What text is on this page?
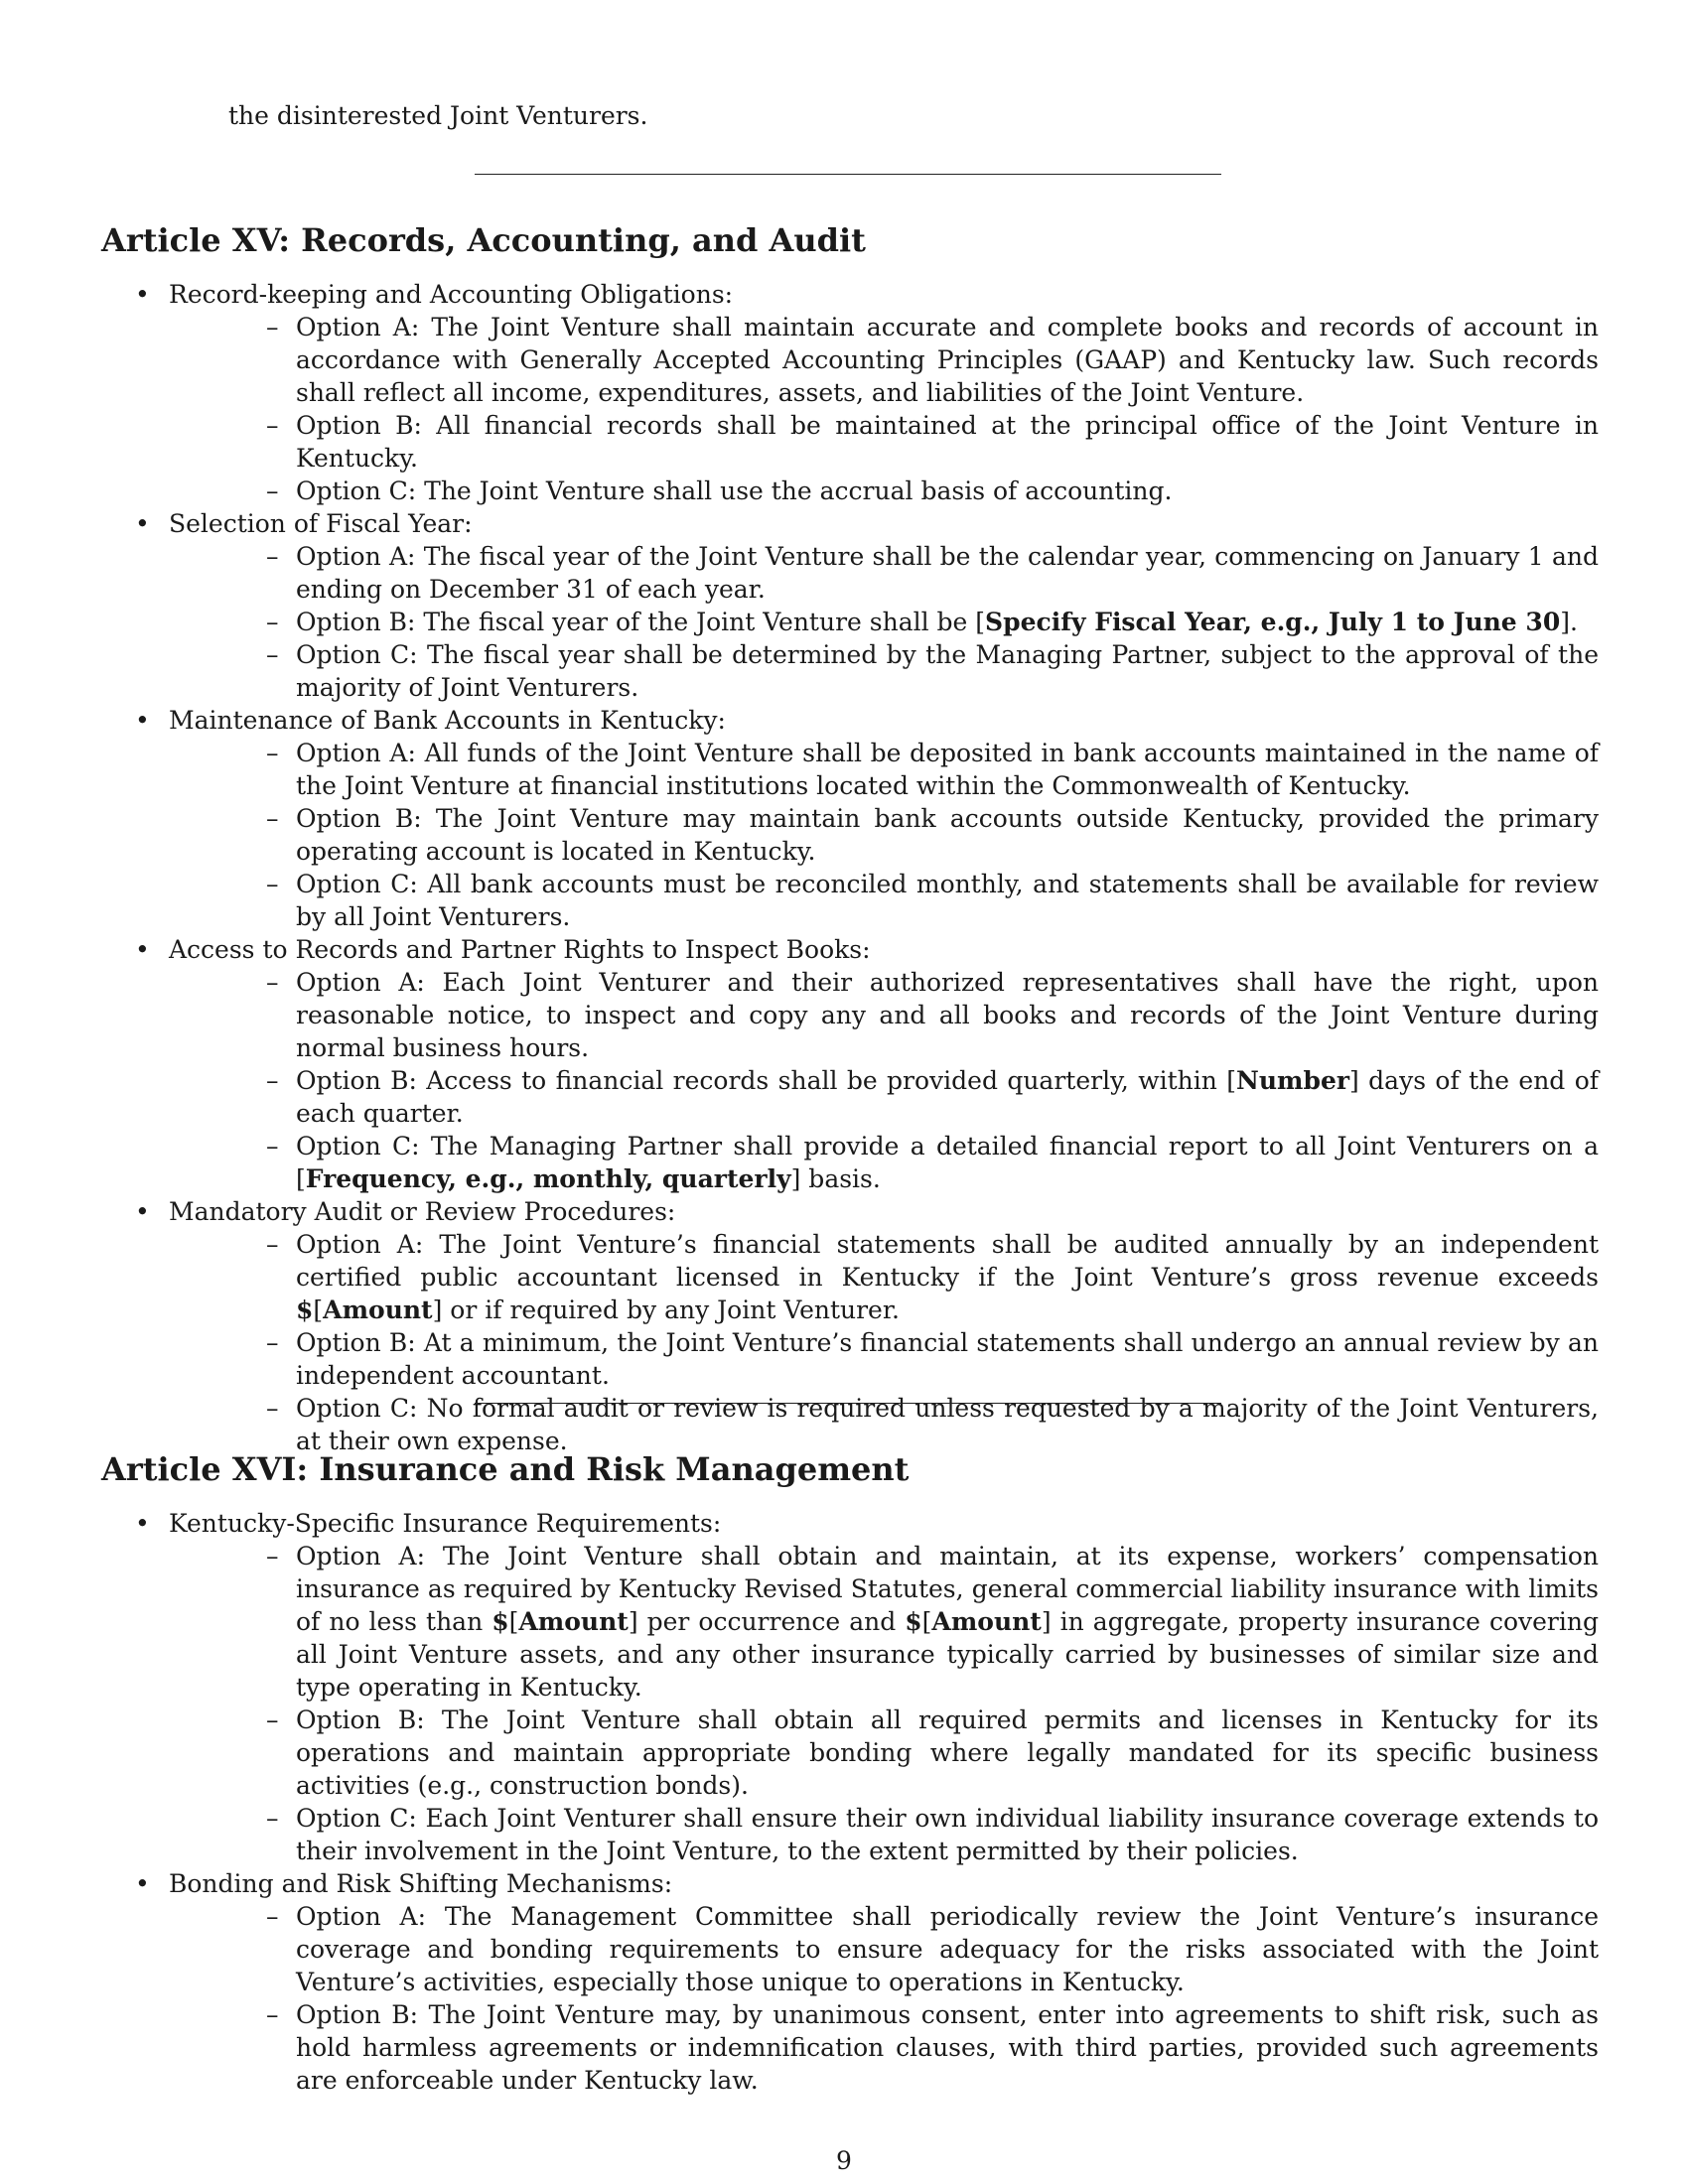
the disinterested Joint Venturers.
Article XV: Records, Accounting, and Audit
• Record-keeping and Accounting Obligations:
– Option A: The Joint Venture shall maintain accurate and complete books and records of account in accordance with Generally Accepted Accounting Principles (GAAP) and Kentucky law. Such records shall reflect all income, expenditures, assets, and liabilities of the Joint Venture.
– Option B: All financial records shall be maintained at the principal office of the Joint Venture in Kentucky.
– Option C: The Joint Venture shall use the accrual basis of accounting.
• Selection of Fiscal Year:
– Option A: The fiscal year of the Joint Venture shall be the calendar year, commencing on January 1 and ending on December 31 of each year.
– Option B: The fiscal year of the Joint Venture shall be [Specify Fiscal Year, e.g., July 1 to June 30].
– Option C: The fiscal year shall be determined by the Managing Partner, subject to the approval of the majority of Joint Venturers.
• Maintenance of Bank Accounts in Kentucky:
– Option A: All funds of the Joint Venture shall be deposited in bank accounts maintained in the name of the Joint Venture at financial institutions located within the Commonwealth of Kentucky.
– Option B: The Joint Venture may maintain bank accounts outside Kentucky, provided the primary operating account is located in Kentucky.
– Option C: All bank accounts must be reconciled monthly, and statements shall be available for review by all Joint Venturers.
• Access to Records and Partner Rights to Inspect Books:
– Option A: Each Joint Venturer and their authorized representatives shall have the right, upon reasonable notice, to inspect and copy any and all books and records of the Joint Venture during normal business hours.
– Option B: Access to financial records shall be provided quarterly, within [Number] days of the end of each quarter.
– Option C: The Managing Partner shall provide a detailed financial report to all Joint Venturers on a [Frequency, e.g., monthly, quarterly] basis.
• Mandatory Audit or Review Procedures:
– Option A: The Joint Venture’s financial statements shall be audited annually by an independent certified public accountant licensed in Kentucky if the Joint Venture’s gross revenue exceeds $[Amount] or if required by any Joint Venturer.
– Option B: At a minimum, the Joint Venture’s financial statements shall undergo an annual review by an independent accountant.
– Option C: No formal audit or review is required unless requested by a majority of the Joint Venturers, at their own expense.
Article XVI: Insurance and Risk Management
• Kentucky-Specific Insurance Requirements:
– Option A: The Joint Venture shall obtain and maintain, at its expense, workers’ compensation insurance as required by Kentucky Revised Statutes, general commercial liability insurance with limits of no less than $[Amount] per occurrence and $[Amount] in aggregate, property insurance covering all Joint Venture assets, and any other insurance typically carried by businesses of similar size and type operating in Kentucky.
– Option B: The Joint Venture shall obtain all required permits and licenses in Kentucky for its operations and maintain appropriate bonding where legally mandated for its specific business activities (e.g., construction bonds).
– Option C: Each Joint Venturer shall ensure their own individual liability insurance coverage extends to their involvement in the Joint Venture, to the extent permitted by their policies.
• Bonding and Risk Shifting Mechanisms:
– Option A: The Management Committee shall periodically review the Joint Venture’s insurance coverage and bonding requirements to ensure adequacy for the risks associated with the Joint Venture’s activities, especially those unique to operations in Kentucky.
– Option B: The Joint Venture may, by unanimous consent, enter into agreements to shift risk, such as hold harmless agreements or indemnification clauses, with third parties, provided such agreements are enforceable under Kentucky law.
9
